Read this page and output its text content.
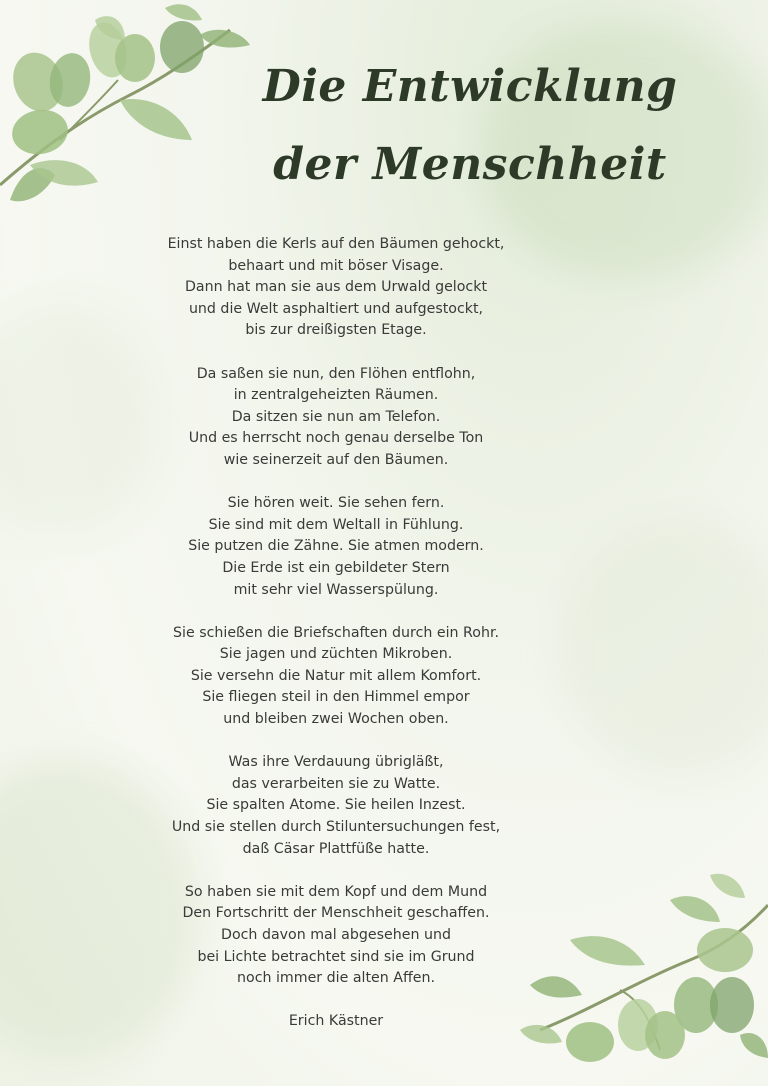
Die Entwicklung
der Menschheit
Einst haben die Kerls auf den Bäumen gehockt,
behaart und mit böser Visage.
Dann hat man sie aus dem Urwald gelockt
und die Welt asphaltiert und aufgestockt,
bis zur dreißigsten Etage.
Da saßen sie nun, den Flöhen entflohn,
in zentralgeheizten Räumen.
Da sitzen sie nun am Telefon.
Und es herrscht noch genau derselbe Ton
wie seinerzeit auf den Bäumen.
Sie hören weit. Sie sehen fern.
Sie sind mit dem Weltall in Fühlung.
Sie putzen die Zähne. Sie atmen modern.
Die Erde ist ein gebildeter Stern
mit sehr viel Wasserspülung.
Sie schießen die Briefschaften durch ein Rohr.
Sie jagen und züchten Mikroben.
Sie versehn die Natur mit allem Komfort.
Sie fliegen steil in den Himmel empor
und bleiben zwei Wochen oben.
Was ihre Verdauung übrigläßt,
das verarbeiten sie zu Watte.
Sie spalten Atome. Sie heilen Inzest.
Und sie stellen durch Stiluntersuchungen fest,
daß Cäsar Plattfüße hatte.
So haben sie mit dem Kopf und dem Mund
Den Fortschritt der Menschheit geschaffen.
Doch davon mal abgesehen und
bei Lichte betrachtet sind sie im Grund
noch immer die alten Affen.
Erich Kästner
